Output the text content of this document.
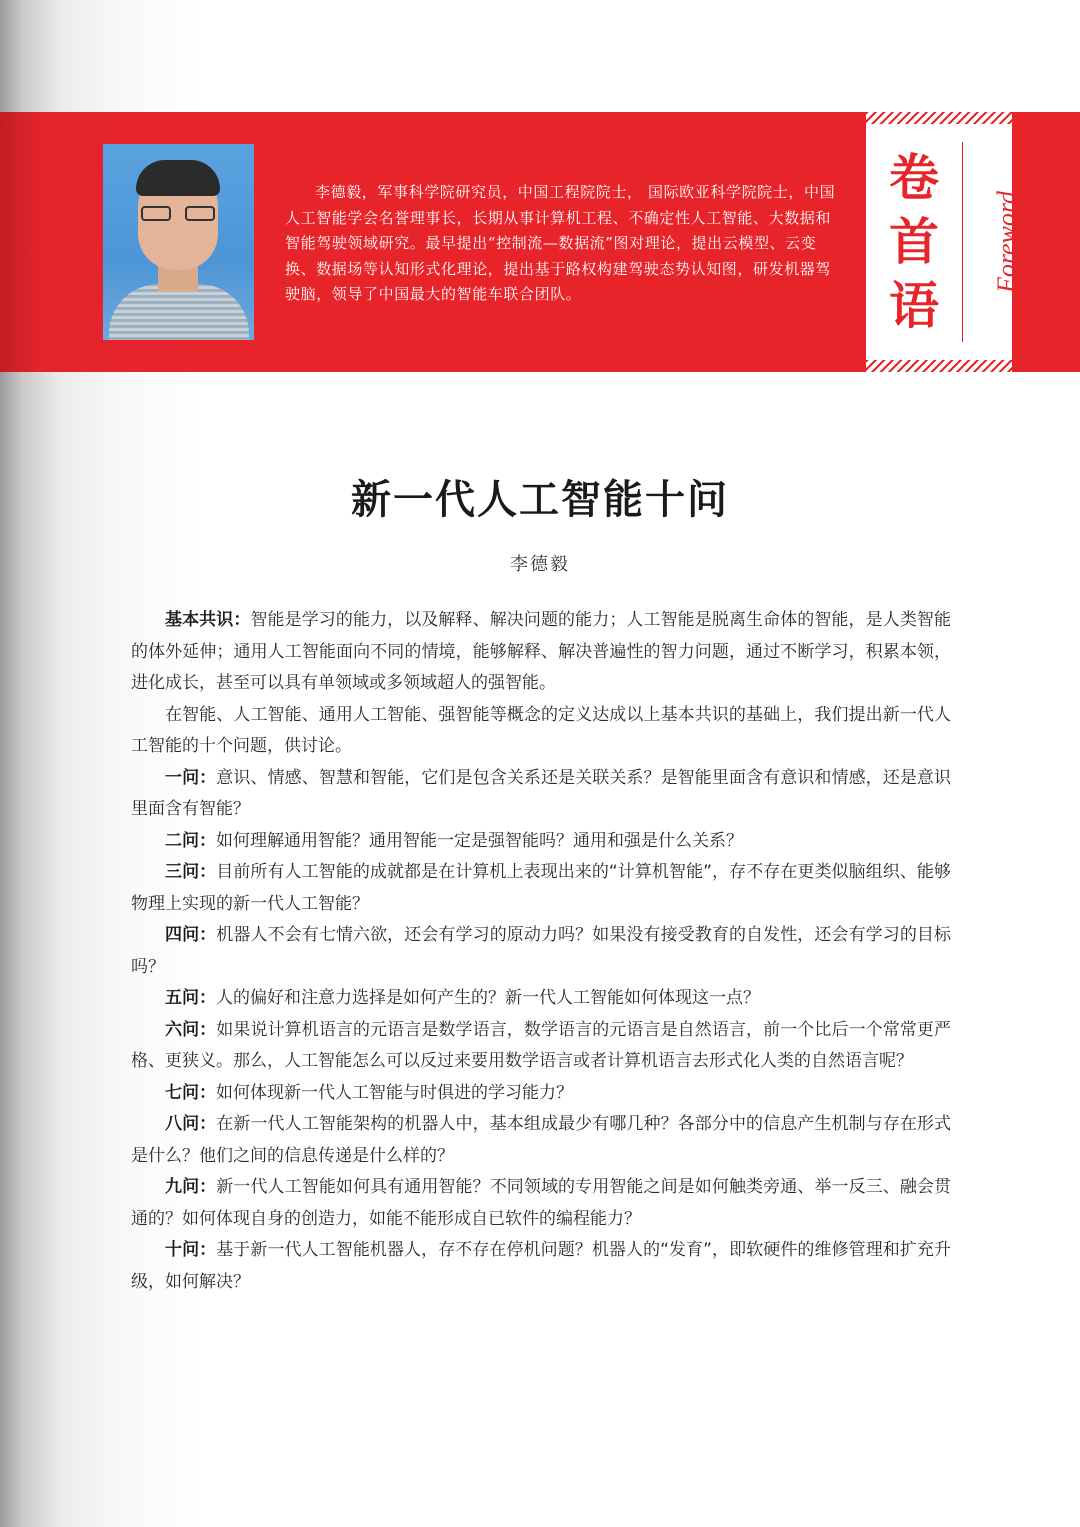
李德毅，军事科学院研究员，中国工程院院士， 国际欧亚科学院院士，中国人工智能学会名誉理事长，长期从事计算机工程、不确定性人工智能、大数据和智能驾驶领域研究。最早提出“控制流—数据流”图对理论，提出云模型、云变换、数据场等认知形式化理论，提出基于路权构建驾驶态势认知图，研发机器驾驶脑，领导了中国最大的智能车联合团队。

卷
首
语
Foreword
新一代人工智能十问
李德毅

基本共识：智能是学习的能力，以及解释、解决问题的能力；人工智能是脱离生命体的智能，是人类智能的体外延伸；通用人工智能面向不同的情境，能够解释、解决普遍性的智力问题，通过不断学习，积累本领，进化成长，甚至可以具有单领域或多领域超人的强智能。

在智能、人工智能、通用人工智能、强智能等概念的定义达成以上基本共识的基础上，我们提出新一代人工智能的十个问题，供讨论。

一问：意识、情感、智慧和智能，它们是包含关系还是关联关系？是智能里面含有意识和情感，还是意识里面含有智能？

二问：如何理解通用智能？通用智能一定是强智能吗？通用和强是什么关系？

三问：目前所有人工智能的成就都是在计算机上表现出来的“计算机智能”，存不存在更类似脑组织、能够物理上实现的新一代人工智能？

四问：机器人不会有七情六欲，还会有学习的原动力吗？如果没有接受教育的自发性，还会有学习的目标吗？

五问：人的偏好和注意力选择是如何产生的？新一代人工智能如何体现这一点？

六问：如果说计算机语言的元语言是数学语言，数学语言的元语言是自然语言，前一个比后一个常常更严格、更狭义。那么，人工智能怎么可以反过来要用数学语言或者计算机语言去形式化人类的自然语言呢？

七问：如何体现新一代人工智能与时俱进的学习能力？

八问：在新一代人工智能架构的机器人中，基本组成最少有哪几种？各部分中的信息产生机制与存在形式是什么？他们之间的信息传递是什么样的？

九问：新一代人工智能如何具有通用智能？不同领域的专用智能之间是如何触类旁通、举一反三、融会贯通的？如何体现自身的创造力，如能不能形成自已软件的编程能力？

十问：基于新一代人工智能机器人，存不存在停机问题？机器人的“发育”，即软硬件的维修管理和扩充升级，如何解决？
